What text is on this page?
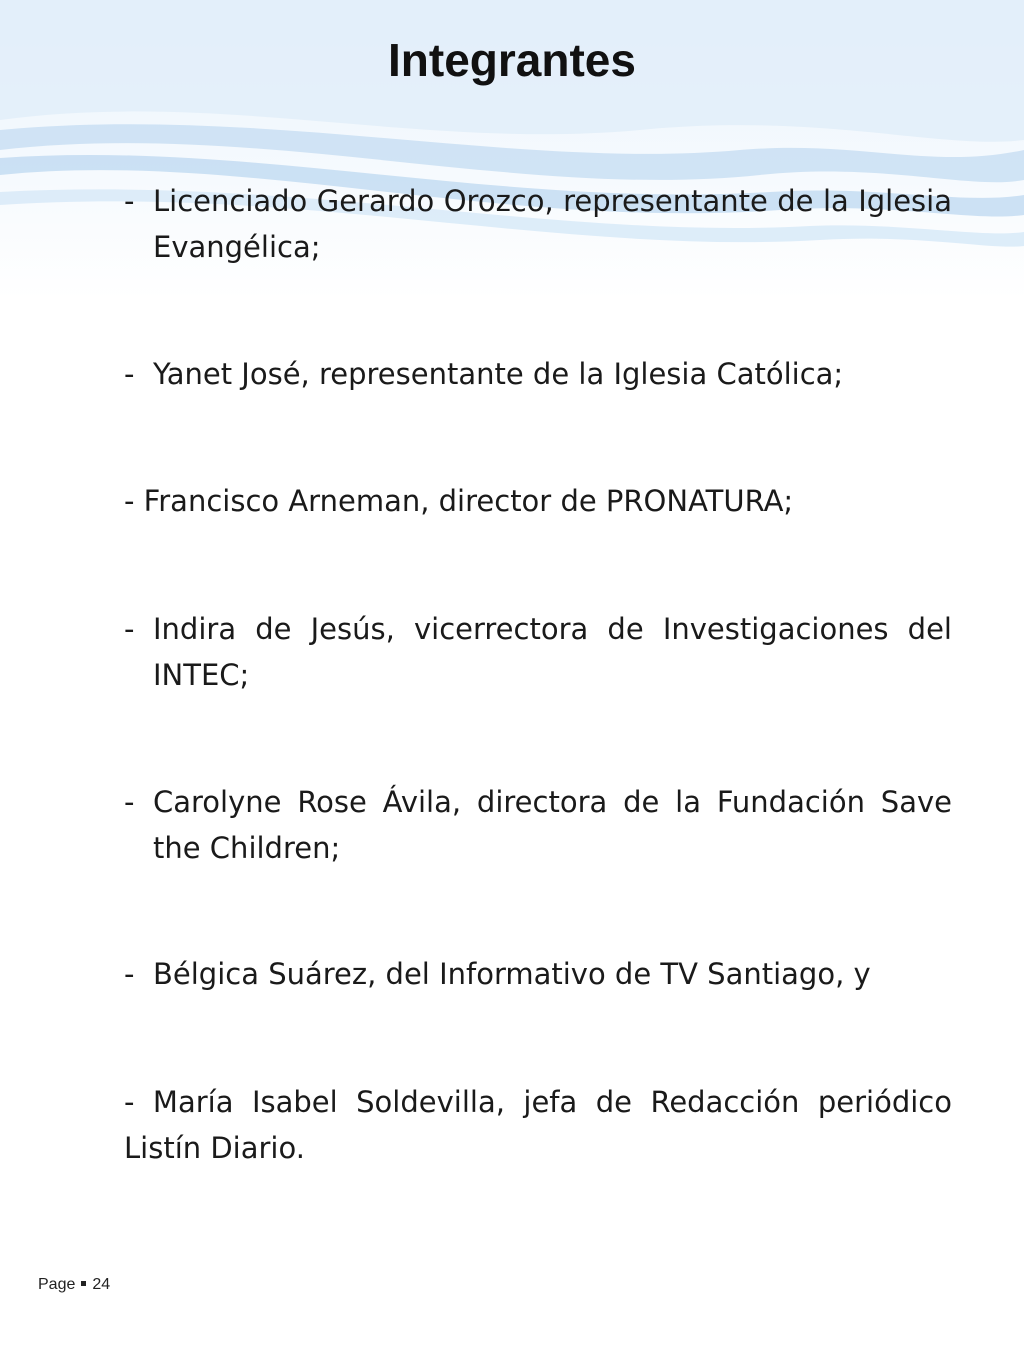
Integrantes
- Licenciado Gerardo Orozco, representante de la Iglesia Evangélica;
- Yanet José, representante de la Iglesia Católica;
- Francisco Arneman, director de PRONATURA;
- Indira de Jesús, vicerrectora de Investigaciones del INTEC;
- Carolyne Rose Ávila, directora de la Fundación Save the Children;
- Bélgica Suárez, del Informativo de TV Santiago, y
- María Isabel Soldevilla, jefa de Redacción periódico Listín Diario.
Page 24
